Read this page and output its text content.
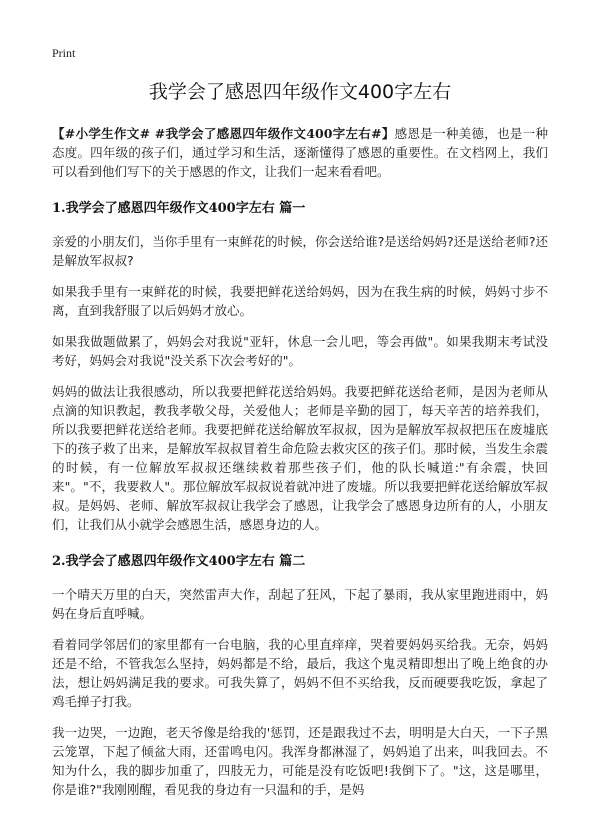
Print
我学会了感恩四年级作文400字左右

【#小学生作文# #我学会了感恩四年级作文400字左右#】感恩是一种美德，也是一种态度。四年级的孩子们，通过学习和生活，逐渐懂得了感恩的重要性。在文档网上，我们可以看到他们写下的关于感恩的作文，让我们一起来看看吧。

1.我学会了感恩四年级作文400字左右 篇一

亲爱的小朋友们，当你手里有一束鲜花的时候，你会送给谁?是送给妈妈?还是送给老师?还是解放军叔叔?

如果我手里有一束鲜花的时候，我要把鲜花送给妈妈，因为在我生病的时候，妈妈寸步不离，直到我舒服了以后妈妈才放心。

如果我做题做累了，妈妈会对我说"亚轩，休息一会儿吧，等会再做"。如果我期末考试没考好，妈妈会对我说"没关系下次会考好的"。

妈妈的做法让我很感动，所以我要把鲜花送给妈妈。我要把鲜花送给老师，是因为老师从点滴的知识教起，教我孝敬父母，关爱他人；老师是辛勤的园丁，每天辛苦的培养我们，所以我要把鲜花送给老师。我要把鲜花送给解放军叔叔，因为是解放军叔叔把压在废墟底下的孩子救了出来，是解放军叔叔冒着生命危险去救灾区的孩子们。那时候，当发生余震的时候，有一位解放军叔叔还继续救着那些孩子们，他的队长喊道:"有余震，快回来"。"不，我要救人"。那位解放军叔叔说着就冲进了废墟。所以我要把鲜花送给解放军叔叔。是妈妈、老师、解放军叔叔让我学会了感恩，让我学会了感恩身边所有的人，小朋友们，让我们从小就学会感恩生活，感恩身边的人。

2.我学会了感恩四年级作文400字左右 篇二

一个晴天万里的白天，突然雷声大作，刮起了狂风，下起了暴雨，我从家里跑进雨中，妈妈在身后直呼喊。

看着同学邻居们的家里都有一台电脑，我的心里直痒痒，哭着要妈妈买给我。无奈，妈妈还是不给，不管我怎么坚持，妈妈都是不给，最后，我这个鬼灵精即想出了晚上绝食的办法，想让妈妈满足我的要求。可我失算了，妈妈不但不买给我，反而硬要我吃饭，拿起了鸡毛掸子打我。

我一边哭，一边跑，老天爷像是给我的'惩罚，还是跟我过不去，明明是大白天，一下子黑云笼罩，下起了倾盆大雨，还雷鸣电闪。我浑身都淋湿了，妈妈追了出来，叫我回去。不知为什么，我的脚步加重了，四肢无力，可能是没有吃饭吧!我倒下了。"这，这是哪里，你是谁?"我刚刚醒，看见我的身边有一只温和的手，是妈
